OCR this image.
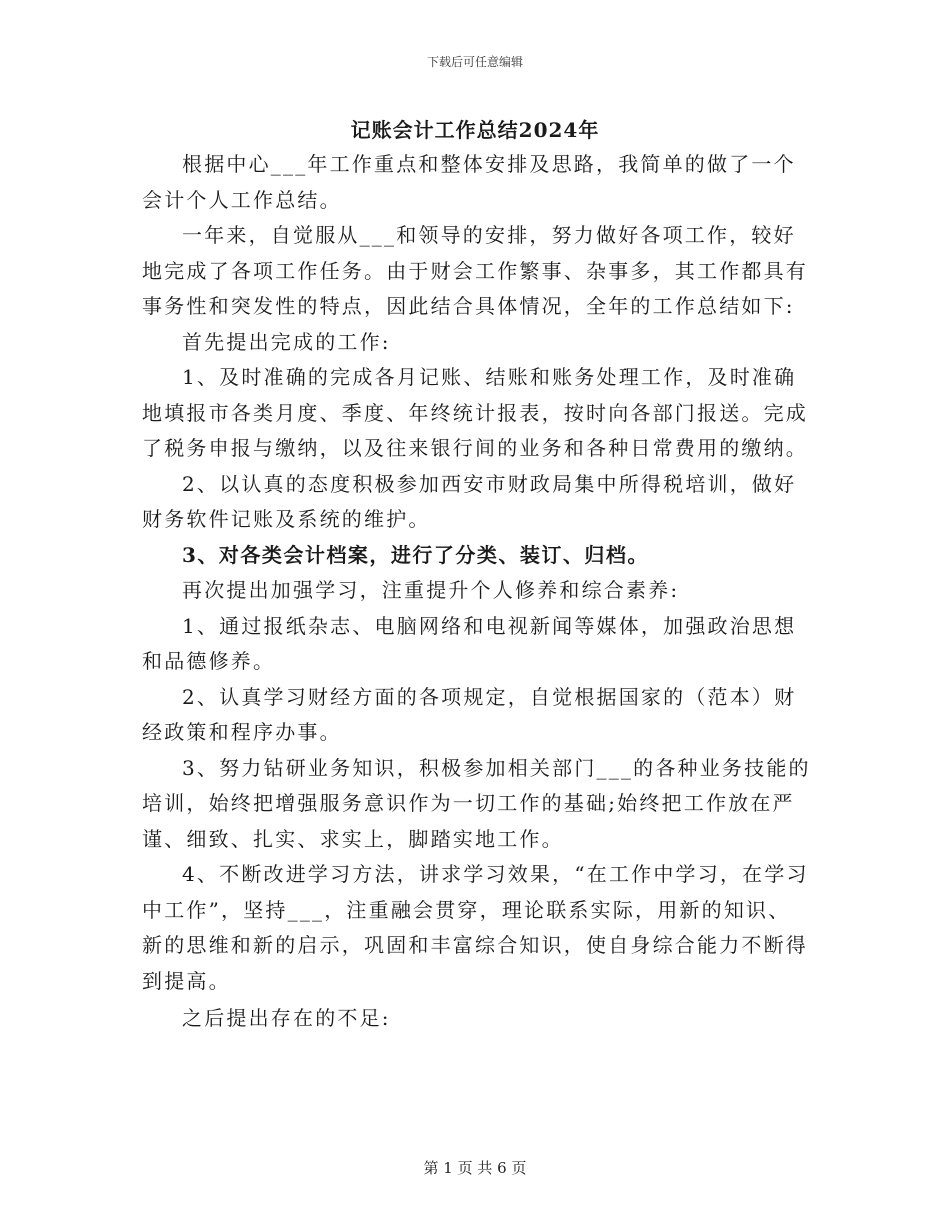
下载后可任意编辑
记账会计工作总结2024年

根据中心___年工作重点和整体安排及思路，我简单的做了一个会计个人工作总结。

一年来，自觉服从___和领导的安排，努力做好各项工作，较好地完成了各项工作任务。由于财会工作繁事、杂事多，其工作都具有事务性和突发性的特点，因此结合具体情况，全年的工作总结如下:

首先提出完成的工作:

1、及时准确的完成各月记账、结账和账务处理工作，及时准确地填报市各类月度、季度、年终统计报表，按时向各部门报送。完成了税务申报与缴纳，以及往来银行间的业务和各种日常费用的缴纳。

2、以认真的态度积极参加西安市财政局集中所得税培训，做好财务软件记账及系统的维护。

3、对各类会计档案，进行了分类、装订、归档。

再次提出加强学习，注重提升个人修养和综合素养:

1、通过报纸杂志、电脑网络和电视新闻等媒体，加强政治思想和品德修养。

2、认真学习财经方面的各项规定，自觉根据国家的（范本）财经政策和程序办事。

3、努力钻研业务知识，积极参加相关部门___的各种业务技能的培训，始终把增强服务意识作为一切工作的基础;始终把工作放在严谨、细致、扎实、求实上，脚踏实地工作。

4、不断改进学习方法，讲求学习效果，“在工作中学习，在学习中工作”，坚持___，注重融会贯穿，理论联系实际，用新的知识、新的思维和新的启示，巩固和丰富综合知识，使自身综合能力不断得到提高。

之后提出存在的不足:

第 1 页 共 6 页
